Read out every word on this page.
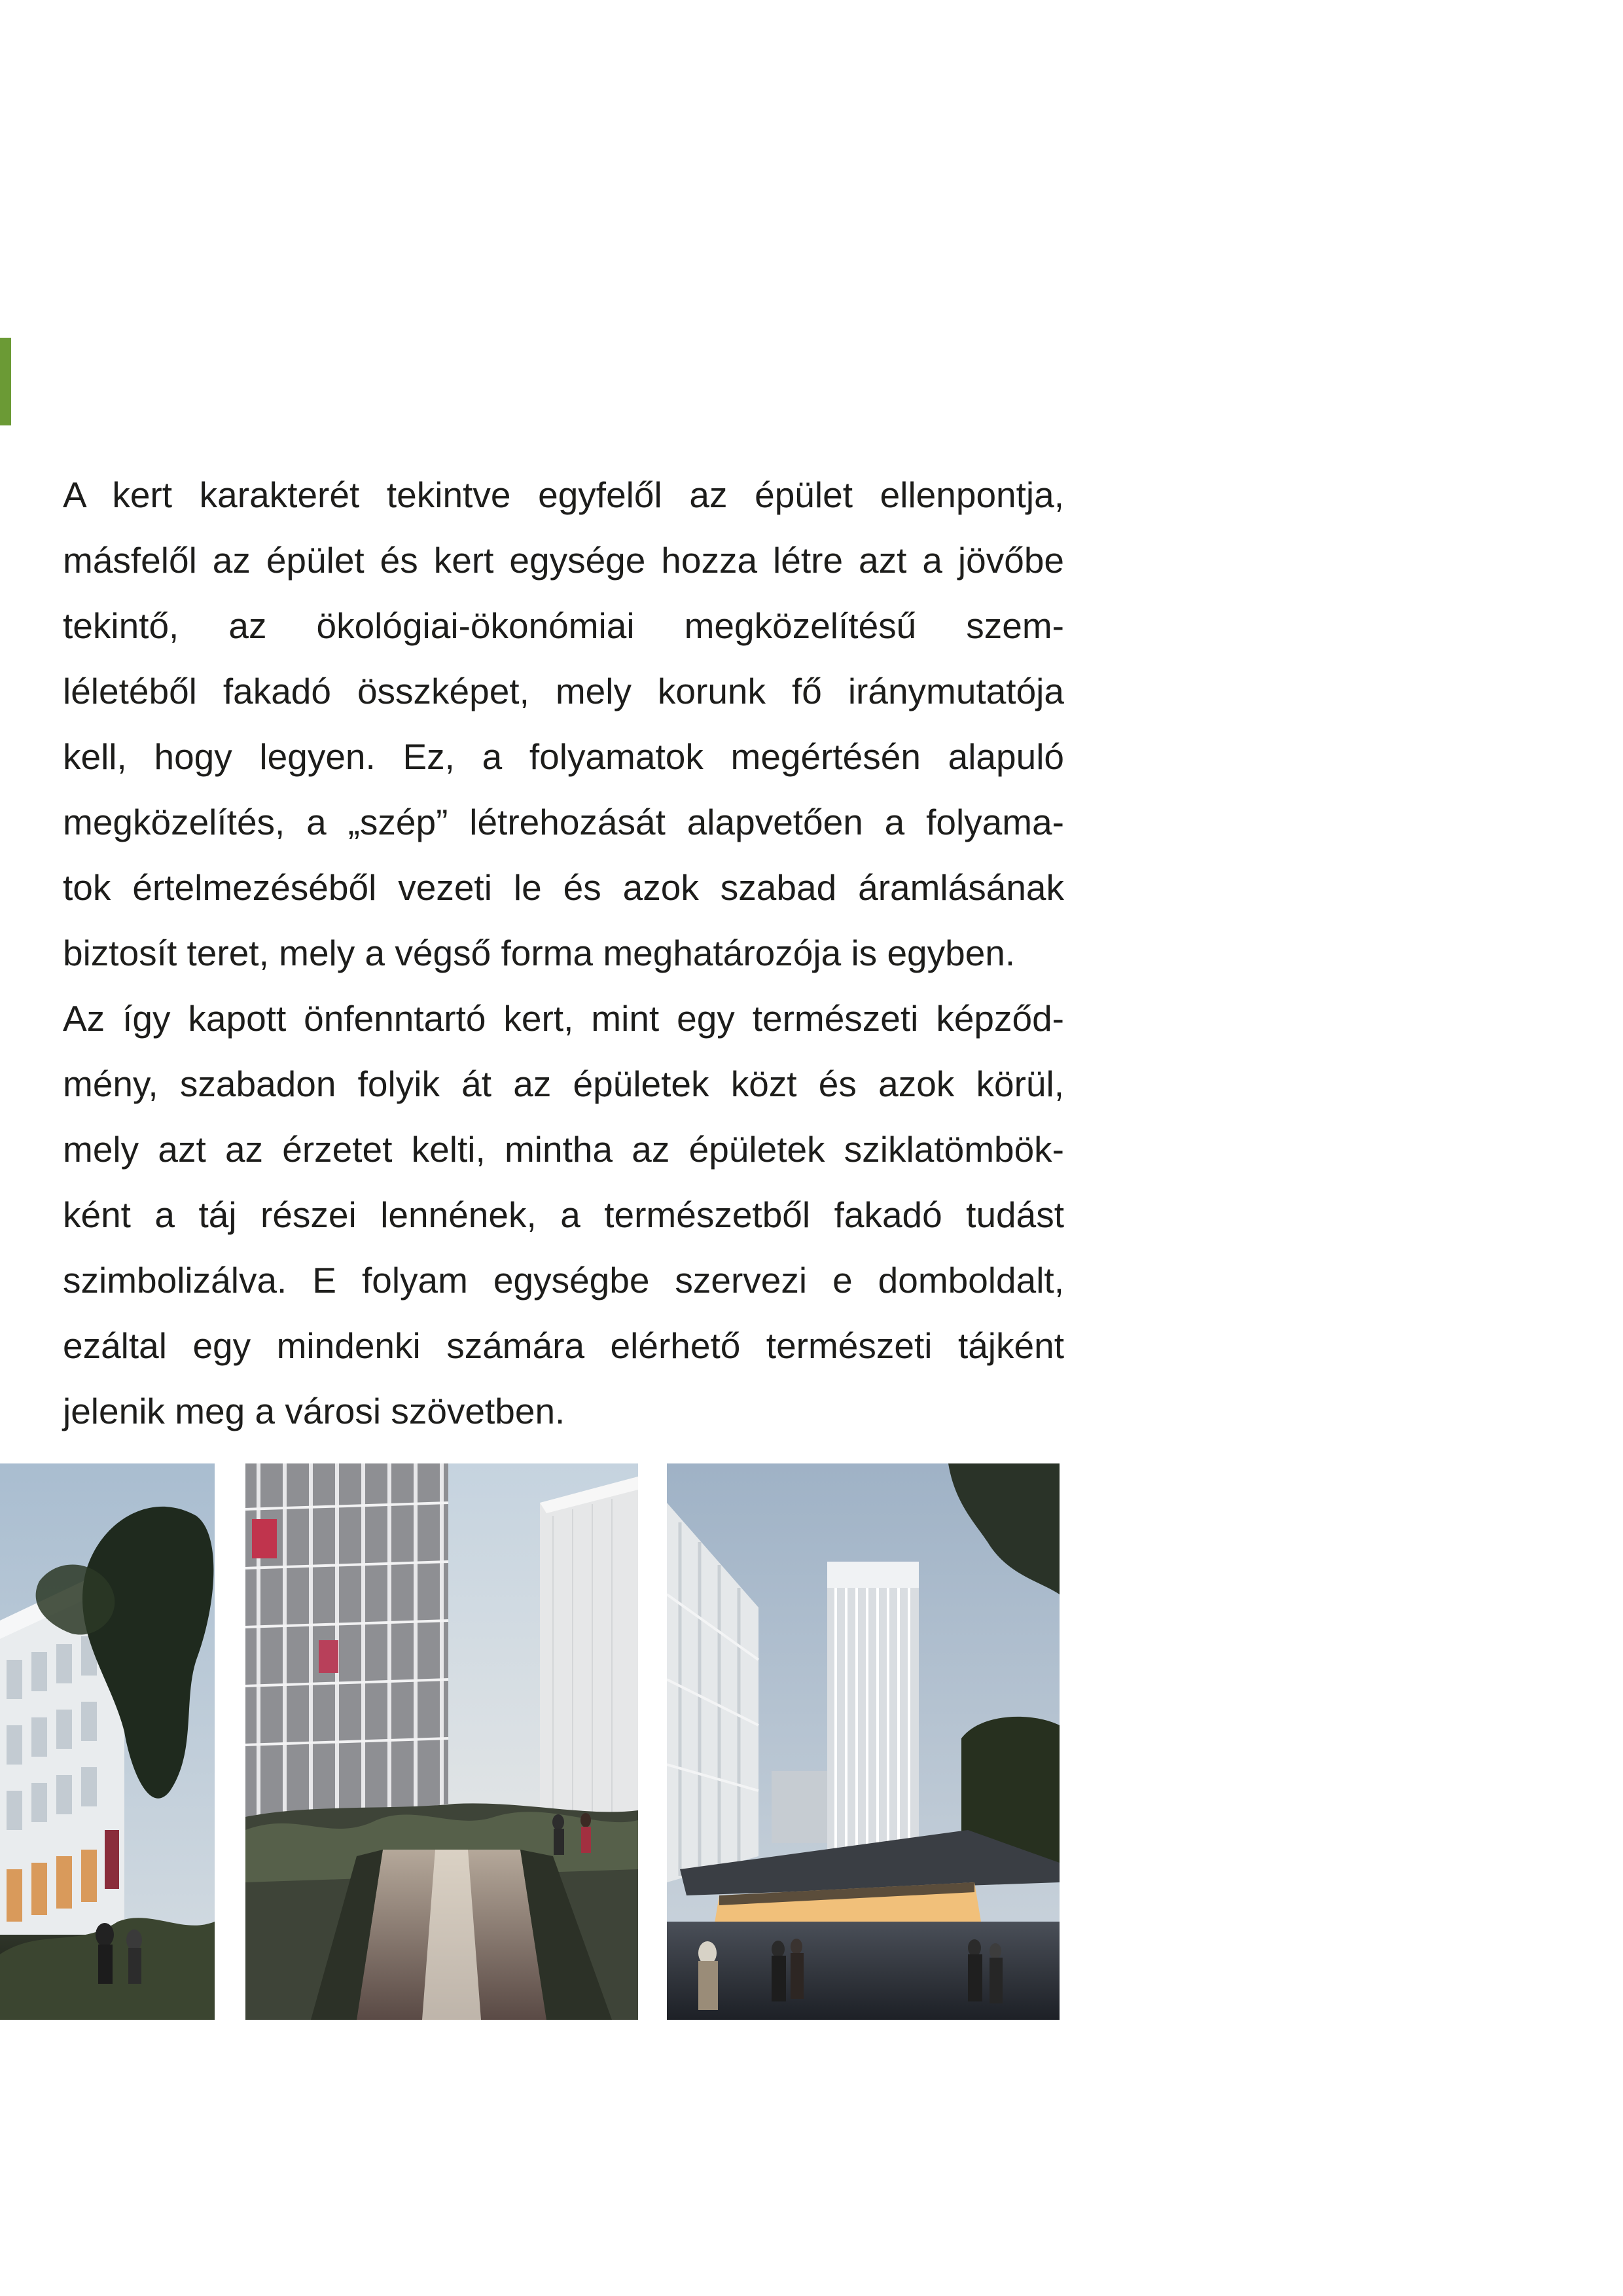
A kert karakterét tekintve egyfelől az épület ellenpontja,
másfelől az épület és kert egysége hozza létre azt a jövőbe
tekintő, az ökológiai-ökonómiai megközelítésű szem-
léletéből fakadó összképet, mely korunk fő iránymutatója
kell, hogy legyen. Ez, a folyamatok megértésén alapuló
megközelítés, a „szép” létrehozását alapvetően a folyama-
tok értelmezéséből vezeti le és azok szabad áramlásának
biztosít teret, mely a végső forma meghatározója is egyben.
Az így kapott önfenntartó kert, mint egy természeti képződ-
mény, szabadon folyik át az épületek közt és azok körül,
mely azt az érzetet kelti, mintha az épületek sziklatömbök-
ként a táj részei lennének, a természetből fakadó tudást
szimbolizálva. E folyam egységbe szervezi e domboldalt,
ezáltal egy mindenki számára elérhető természeti tájként
jelenik meg a városi szövetben.
